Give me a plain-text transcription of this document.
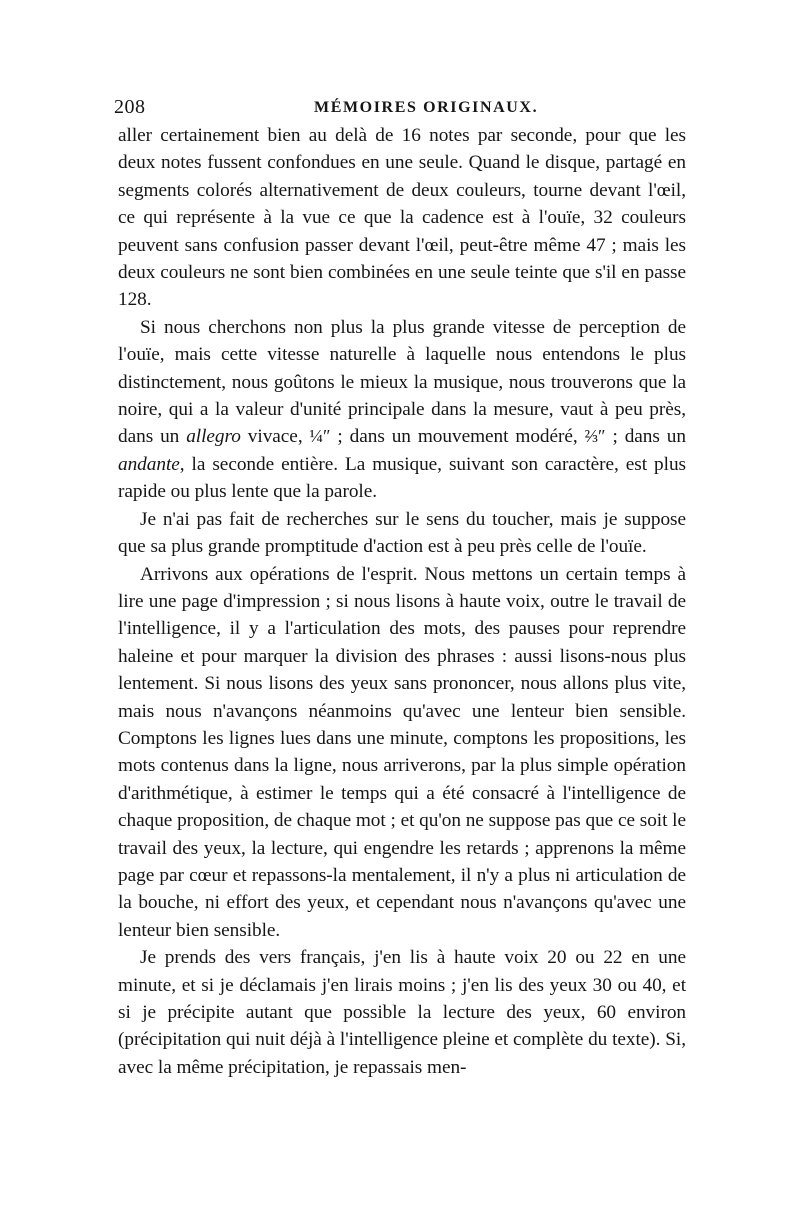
208	MÉMOIRES ORIGINAUX.

aller certainement bien au delà de 16 notes par seconde, pour que les deux notes fussent confondues en une seule. Quand le disque, partagé en segments colorés alternativement de deux couleurs, tourne devant l'œil, ce qui représente à la vue ce que la cadence est à l'ouïe, 32 couleurs peuvent sans confusion passer devant l'œil, peut-être même 47 ; mais les deux couleurs ne sont bien combinées en une seule teinte que s'il en passe 128.

Si nous cherchons non plus la plus grande vitesse de perception de l'ouïe, mais cette vitesse naturelle à laquelle nous entendons le plus distinctement, nous goûtons le mieux la musique, nous trouverons que la noire, qui a la valeur d'unité principale dans la mesure, vaut à peu près, dans un allegro vivace, ¼″ ; dans un mouvement modéré, ⅔″ ; dans un andante, la seconde entière. La musique, suivant son caractère, est plus rapide ou plus lente que la parole.

Je n'ai pas fait de recherches sur le sens du toucher, mais je suppose que sa plus grande promptitude d'action est à peu près celle de l'ouïe.

Arrivons aux opérations de l'esprit. Nous mettons un certain temps à lire une page d'impression ; si nous lisons à haute voix, outre le travail de l'intelligence, il y a l'articulation des mots, des pauses pour reprendre haleine et pour marquer la division des phrases : aussi lisons-nous plus lentement. Si nous lisons des yeux sans prononcer, nous allons plus vite, mais nous n'avançons néanmoins qu'avec une lenteur bien sensible. Comptons les lignes lues dans une minute, comptons les propositions, les mots contenus dans la ligne, nous arriverons, par la plus simple opération d'arithmétique, à estimer le temps qui a été consacré à l'intelligence de chaque proposition, de chaque mot ; et qu'on ne suppose pas que ce soit le travail des yeux, la lecture, qui engendre les retards ; apprenons la même page par cœur et repassons-la mentalement, il n'y a plus ni articulation de la bouche, ni effort des yeux, et cependant nous n'avançons qu'avec une lenteur bien sensible.

Je prends des vers français, j'en lis à haute voix 20 ou 22 en une minute, et si je déclamais j'en lirais moins ; j'en lis des yeux 30 ou 40, et si je précipite autant que possible la lecture des yeux, 60 environ (précipitation qui nuit déjà à l'intelligence pleine et complète du texte). Si, avec la même précipitation, je repassais men-
